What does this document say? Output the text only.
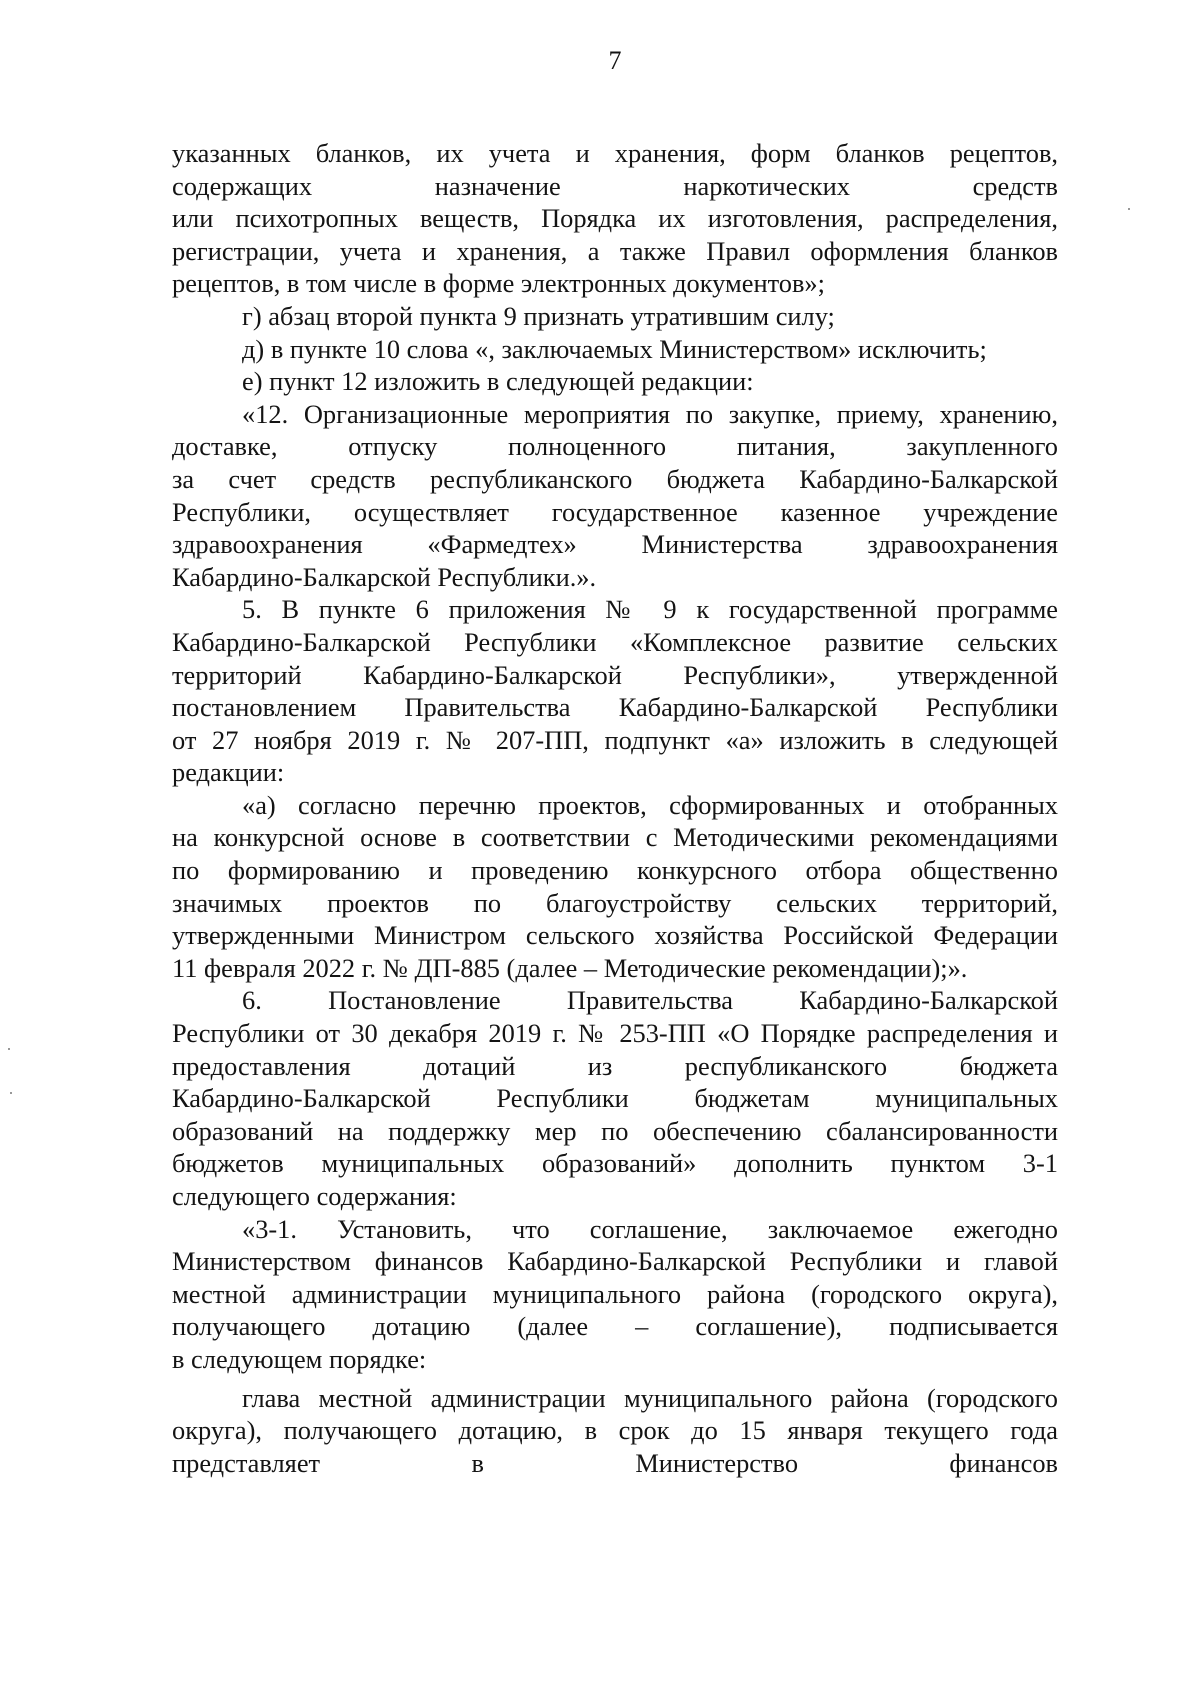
7

указанных бланков, их учета и хранения, форм бланков рецептов,

содержащих назначение наркотических средств

или психотропных веществ, Порядка их изготовления, распределения,

регистрации, учета и хранения, а также Правил оформления бланков

рецептов, в том числе в форме электронных документов»;

г) абзац второй пункта 9 признать утратившим силу;

д) в пункте 10 слова «, заключаемых Министерством» исключить;

е) пункт 12 изложить в следующей редакции:

«12. Организационные мероприятия по закупке, приему, хранению,

доставке, отпуску полноценного питания, закупленного

за счет средств республиканского бюджета Кабардино-Балкарской

Республики, осуществляет государственное казенное учреждение

здравоохранения «Фармедтех» Министерства здравоохранения

Кабардино-Балкарской Республики.».

5. В пункте 6 приложения № 9 к государственной программе

Кабардино-Балкарской Республики «Комплексное развитие сельских

территорий Кабардино-Балкарской Республики», утвержденной

постановлением Правительства Кабардино-Балкарской Республики

от 27 ноября 2019 г. № 207-ПП, подпункт «а» изложить в следующей

редакции:

«а) согласно перечню проектов, сформированных и отобранных

на конкурсной основе в соответствии с Методическими рекомендациями

по формированию и проведению конкурсного отбора общественно

значимых проектов по благоустройству сельских территорий,

утвержденными Министром сельского хозяйства Российской Федерации

11 февраля 2022 г. № ДП-885 (далее – Методические рекомендации);».

6. Постановление Правительства Кабардино-Балкарской

Республики от 30 декабря 2019 г. № 253-ПП «О Порядке распределения и

предоставления дотаций из республиканского бюджета

Кабардино-Балкарской Республики бюджетам муниципальных

образований на поддержку мер по обеспечению сбалансированности

бюджетов муниципальных образований» дополнить пунктом 3-1

следующего содержания:

«3-1. Установить, что соглашение, заключаемое ежегодно

Министерством финансов Кабардино-Балкарской Республики и главой

местной администрации муниципального района (городского округа),

получающего дотацию (далее – соглашение), подписывается

в следующем порядке:

глава местной администрации муниципального района (городского

округа), получающего дотацию, в срок до 15 января текущего года

представляет в Министерство финансов
